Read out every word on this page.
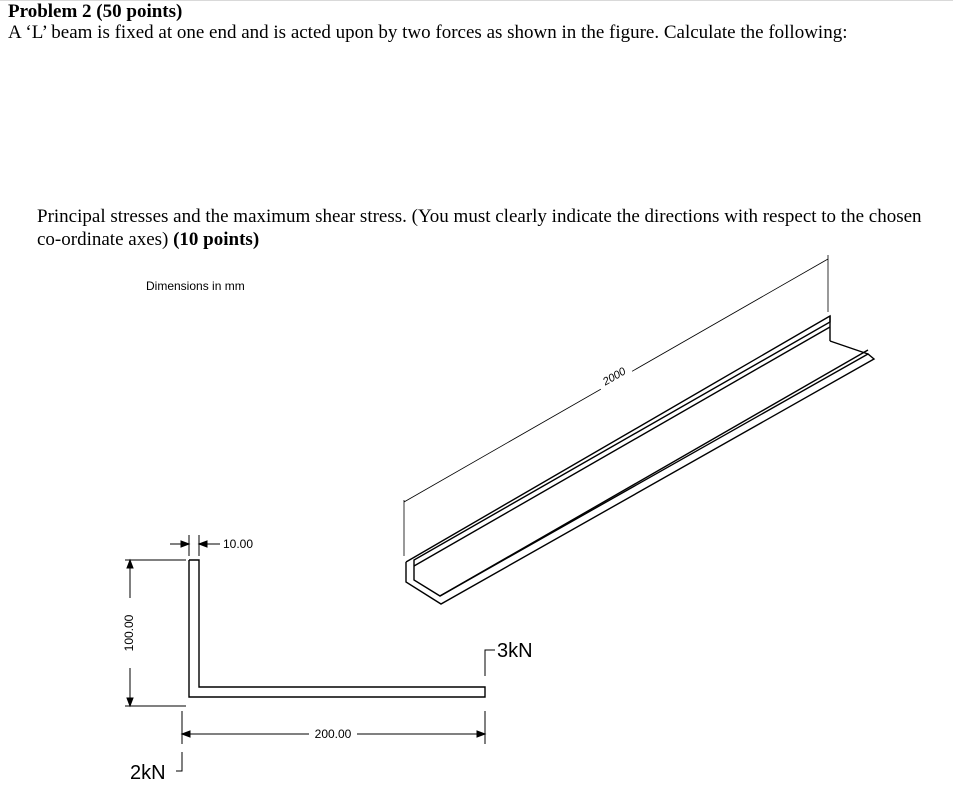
Problem 2 (50 points)
A ‘L’ beam is fixed at one end and is acted upon by two forces as shown in the figure. Calculate the following:
Principal stresses and the maximum shear stress. (You must clearly indicate the directions with respect to the chosen co-ordinate axes) (10 points)
Dimensions in mm
2000
10.00
100.00
200.00
3kN
2kN
